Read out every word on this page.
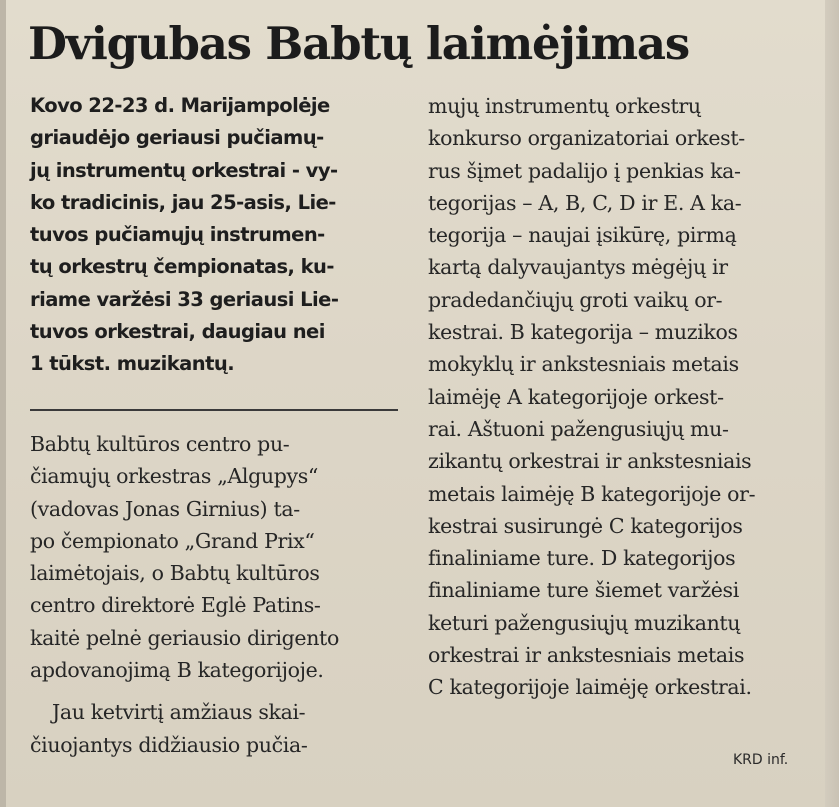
Dvigubas Babtų laimėjimas
Kovo 22-23 d. Marijampolėje
griaudėjo geriausi pučiamų-
jų instrumentų orkestrai - vy-
ko tradicinis, jau 25-asis, Lie-
tuvos pučiamųjų instrumen-
tų orkestrų čempionatas, ku-
riame varžėsi 33 geriausi Lie-
tuvos orkestrai, daugiau nei
1 tūkst. muzikantų.
Babtų kultūros centro pu-
čiamųjų orkestras „Algupys“
(vadovas Jonas Girnius) ta-
po čempionato „Grand Prix“
laimėtojais, o Babtų kultūros
centro direktorė Eglė Patins-
kaitė pelnė geriausio dirigento
apdovanojimą B kategorijoje.
Jau ketvirtį amžiaus skai-
čiuojantys didžiausio pučia-
mųjų instrumentų orkestrų
konkurso organizatoriai orkest-
rus šįmet padalijo į penkias ka-
tegorijas – A, B, C, D ir E. A ka-
tegorija – naujai įsikūrę, pirmą
kartą dalyvaujantys mėgėjų ir
pradedančiųjų groti vaikų or-
kestrai. B kategorija – muzikos
mokyklų ir ankstesniais metais
laimėję A kategorijoje orkest-
rai. Aštuoni pažengusiųjų mu-
zikantų orkestrai ir ankstesniais
metais laimėję B kategorijoje or-
kestrai susirungė C kategorijos
finaliniame ture. D kategorijos
finaliniame ture šiemet varžėsi
keturi pažengusiųjų muzikantų
orkestrai ir ankstesniais metais
C kategorijoje laimėję orkestrai.
KRD inf.
